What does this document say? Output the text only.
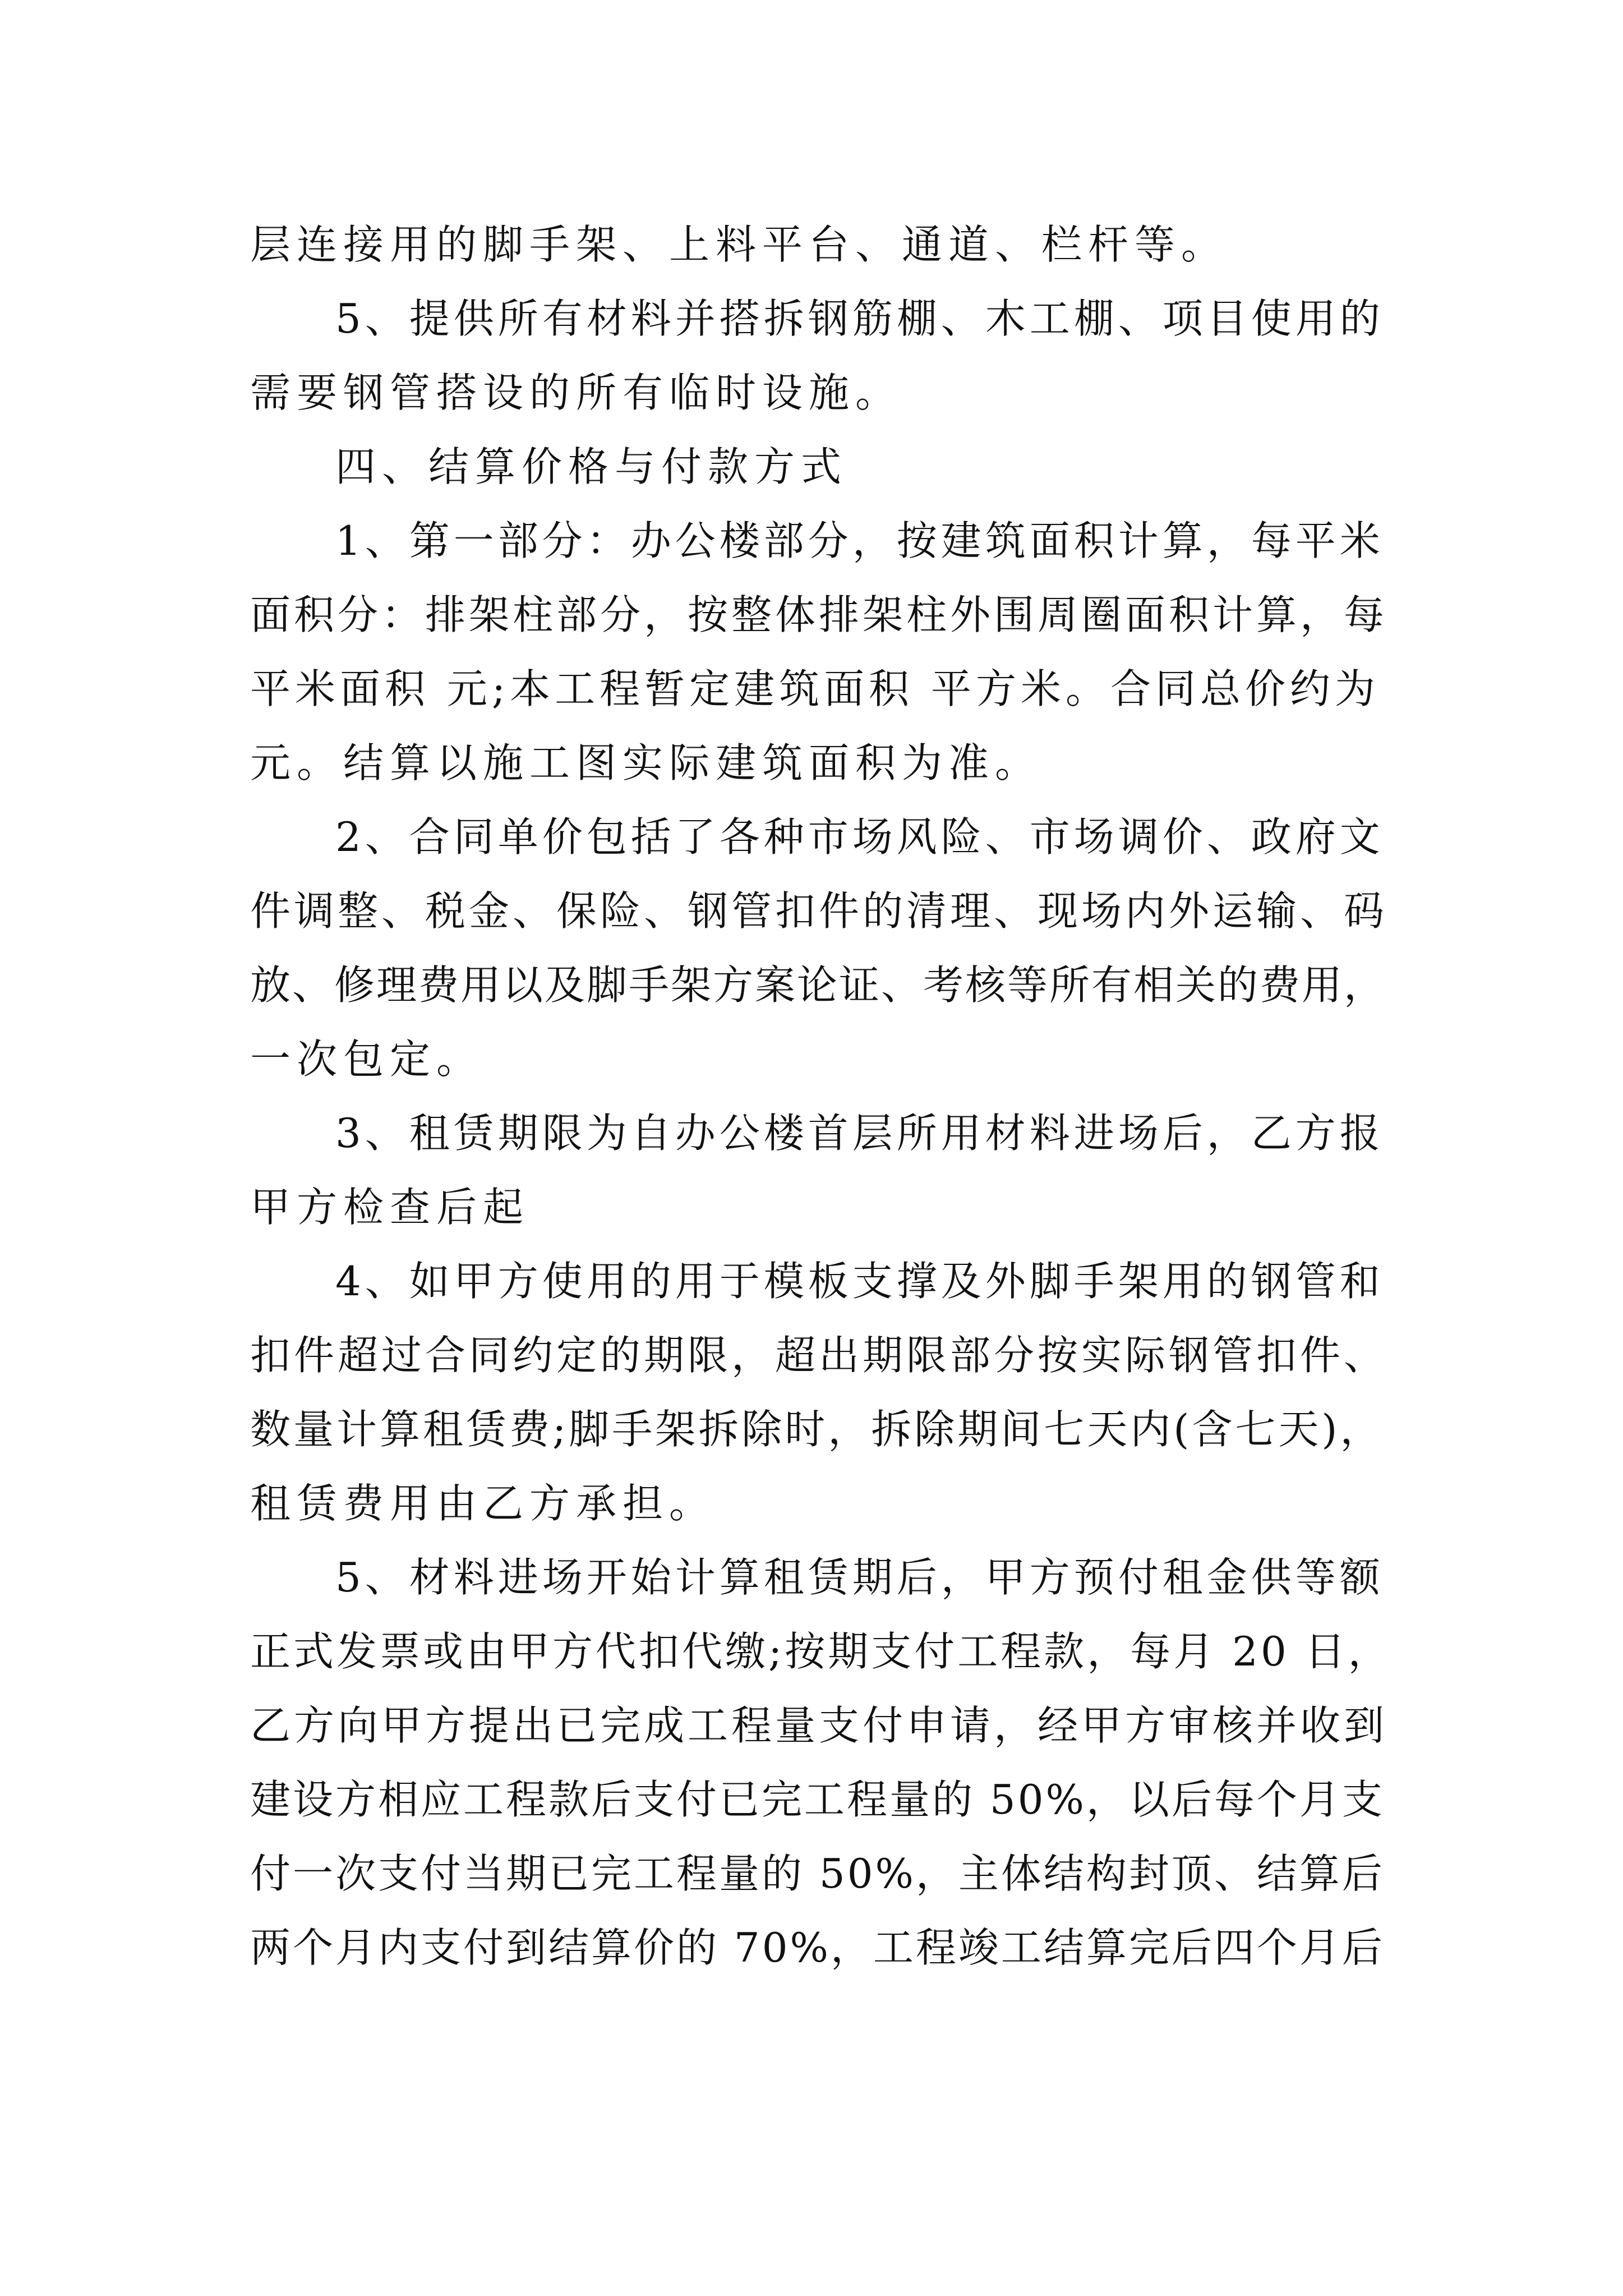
层连接用的脚手架、上料平台、通道、栏杆等。
5、提供所有材料并搭拆钢筋棚、木工棚、项目使用的
需要钢管搭设的所有临时设施。
四、结算价格与付款方式
1、第一部分：办公楼部分，按建筑面积计算，每平米
面积分：排架柱部分，按整体排架柱外围周圈面积计算，每
平米面积 元;本工程暂定建筑面积 平方米。合同总价约为
元。结算以施工图实际建筑面积为准。
2、合同单价包括了各种市场风险、市场调价、政府文
件调整、税金、保险、钢管扣件的清理、现场内外运输、码
放、修理费用以及脚手架方案论证、考核等所有相关的费用，
一次包定。
3、租赁期限为自办公楼首层所用材料进场后，乙方报
甲方检查后起
4、如甲方使用的用于模板支撑及外脚手架用的钢管和
扣件超过合同约定的期限，超出期限部分按实际钢管扣件、
数量计算租赁费;脚手架拆除时，拆除期间七天内(含七天)，
租赁费用由乙方承担。
5、材料进场开始计算租赁期后，甲方预付租金供等额
正式发票或由甲方代扣代缴;按期支付工程款，每月 20 日，
乙方向甲方提出已完成工程量支付申请，经甲方审核并收到
建设方相应工程款后支付已完工程量的 50%，以后每个月支
付一次支付当期已完工程量的 50%，主体结构封顶、结算后
两个月内支付到结算价的 70%，工程竣工结算完后四个月后
